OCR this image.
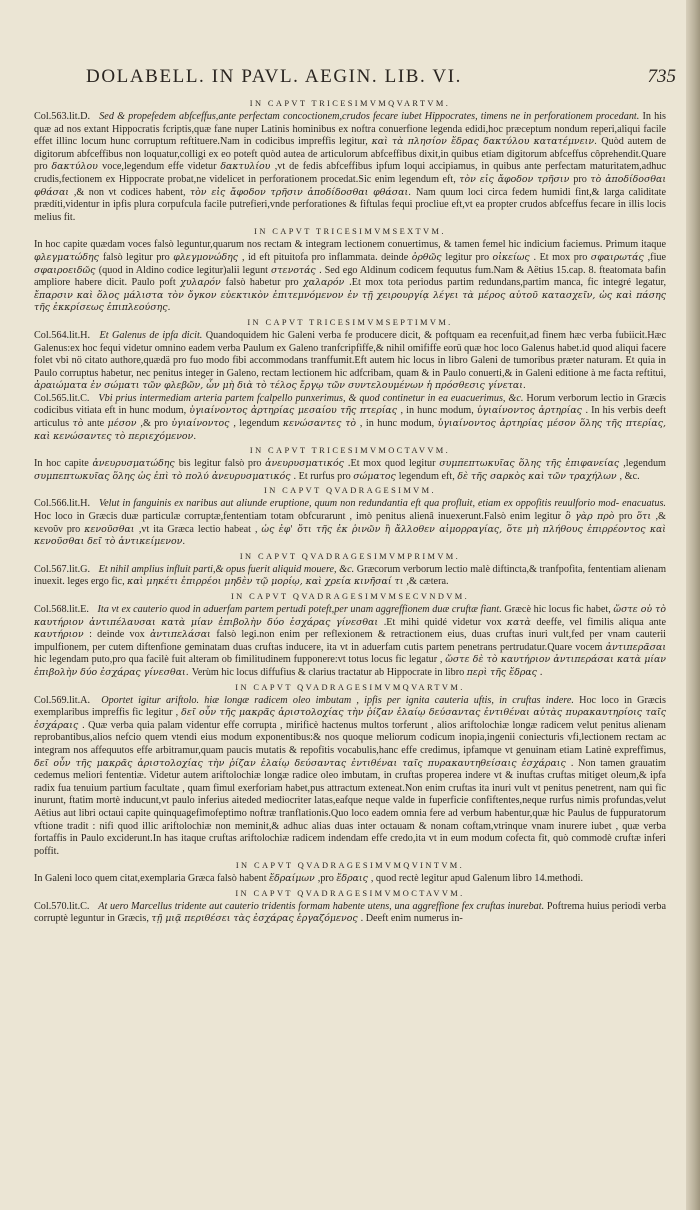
DOLABELL. IN PAVL. AEGIN. LIB. VI.	735
IN CAPVT TRICESIMVMQVARTVM.

Col.563.lit.D. Sed & propefedem abfceffus,ante perfectam concoctionem,crudos fecare iubet Hippocrates, timens ne in perforationem procedant. In his quæ ad nos extant Hippocratis fcriptis,quæ fane nuper Latinis hominibus ex noftra conuerfione legenda edidi,hoc præceptum nondum reperi,aliqui facile effet illinc locum hunc corruptum reftituere.Nam in codicibus impreffis legitur, καὶ τὰ πλησίον ἕδρας δακτύλου κατατέμνειν. Quòd autem de digitorum abfceffibus non loquatur,colligi ex eo poteft quòd autea de articulorum abfceffibus dixit,in quibus etiam digitorum abfceffus côprehendit.Quare pro δακτύλου voce,legendum effe videtur δακτυλίου ,vt de fedis abfceffibus ipfum loqui accipiamus, in quibus ante perfectam maturitatem,adhuc crudis,fectionem ex Hippocrate probat,ne videlicet in perforationem procedat.Sic enim legendum eft, τὸν εἰς ἄφοδον τρῆσιν pro τὸ ἀποδίδοσθαι φθάσαι ,& non vt codices habent, τὸν εἰς ἄφοδον τρῆσιν ἀποδίδοσθαι φθάσαι. Nam quum loci circa fedem humidi fint,& larga caliditate prædíti,videntur in ipfis plura corpufcula facile putrefieri,vnde perforationes & fiftulas fequi procliue eft,vt ea propter crudos abfceffus fecare in illis locis melius fit.

IN CAPVT TRICESIMVMSEXTVM.

In hoc capite quædam voces falsò leguntur,quarum nos rectam & integram lectionem conuertimus, & tamen femel hic indicium faciemus. Primum itaque φλεγματώδης falsò legitur pro φλεγμονώδης , id eft pituitofa pro inflammata. deinde ὀρθῶς legitur pro οἰκείως . Et mox pro σφαιρωτάς ,fiue σφαιροειδῶς (quod in Aldino codice legitur)alii legunt στενοτάς . Sed ego Aldinum codicem fequutus fum.Nam & Aëtius 15.cap. 8. fteatomata bafin ampliore habere dicit. Paulo poft χυλαρόν falsò habetur pro χαλαρόν .Et mox tota periodus partim redundans,partim manca, fic integré legatur, ἔπαρσιν καὶ ὅλος μάλιστα τὸν ὄγκον εὐεκτικὸν ἐπιτεμνόμενον ἐν τῇ χειρουργίᾳ λέγει τὰ μέρος αὐτοῦ κατασχεῖν, ὡς καὶ πάσης τῆς ἐκκρίσεως ἐπιπλεούσης.

IN CAPVT TRICESIMVMSEPTIMVM.

Col.564.lit.H. Et Galenus de ipfa dicit. Quandoquidem hic Galeni verba fe producere dicit, & poftquam ea recenfuit,ad finem hæc verba fubiicit.Hæc Galenus:ex hoc fequi videtur omnino eadem verba Paulum ex Galeno tranfcripfiffe,& nihil omififfe eorü quæ hoc loco Galenus habet.id quod aliqui facere folet vbi nö citato authore,quædä pro fuo modo fibi accommodans tranffumit.Eft autem hic locus in libro Galeni de tumoribus præter naturam. Et quia in Paulo corruptus habetur, nec penitus integer in Galeno, rectam lectionem hic adfcribam, quam & in Paulo conuerti,& in Galeni editione à me facta reftitui, ἀραιώματα ἐν σώματι τῶν φλεβῶν, ὧν μὴ διὰ τὸ τέλος ἔργῳ τῶν συντελουμένων ἡ πρόσθεσις γίνεται.

Col.565.lit.C. Vbi prius intermediam arteria partem fcalpello punxerimus, & quod continetur in ea euacuerimus, &c. Horum verborum lectio in Græcis codicibus vitiata eft in hunc modum, ὑγιαίνοντος ἀρτηρίας μεσαίου τῆς πτερίας , in hunc modum, ὑγιαίνοντος ἀρτηρίας . In his verbis deeft articulus τὸ ante μέσον ,& pro ὑγιαίνοντος , legendum κενώσαντες τὸ , in hunc modum, ὑγιαίνοντος ἀρτηρίας μέσον ὅλης τῆς πτερίας, καὶ κενώσαντες τὸ περιεχόμενον.

IN CAPVT TRICESIMVMOCTAVVM.

In hoc capite ἀνευρυσματώδης bis legitur falsò pro ἀνευρυσματικός .Et mox quod legitur συμπεπτωκυῖας ὅλης τῆς ἐπιφανείας ,legendum συμπεπτωκυῖας ὅλης ὡς ἐπὶ τὸ πολύ ἀνευρυσματικός . Et rurfus pro σώματος legendum eft, δὲ τῆς σαρκὸς καὶ τῶν τραχήλων , &c.

IN CAPVT QVADRAGESIMVM.

Col.566.lit.H. Velut in fanguinis ex naribus aut aliunde eruptione, quum non redundantia eft qua profluit, etiam ex oppofitis reuulforio mod- enacuatus. Hoc loco in Græcis duæ particulæ corruptæ,fententiam totam obfcurarunt , imò penitus alienâ inuexerunt.Falsò enim legitur ὃ γὰρ πρὸ pro ὅτι ,& κενοῦν pro κενοῦσθαι ,vt ita Græca lectio habeat , ὡς ἐφ' ὅτι τῆς ἐκ ῥινῶν ἢ ἄλλοθεν αἱμορραγίας, ὅτε μὴ πλήθους ἐπιρρέοντος καὶ κενοῦσθαι δεῖ τὸ ἀντικείμενον.

IN CAPVT QVADRAGESIMVMPRIMVM.

Col.567.lit.G. Et nihil amplius influit parti,& opus fuerit aliquid mouere, &c. Græcorum verborum lectio malè diftincta,& tranfpofita, fententiam alienam inuexit. leges ergo fic, καὶ μηκέτι ἐπιρρέοι μηδὲν τῷ μορίῳ, καὶ χρεία κινῆσαί τι ,& cætera.

IN CAPVT QVADRAGESIMVMSECVNDVM.

Col.568.lit.E. Ita vt ex cauterio quod in aduerfam partem pertudi poteft,per unam aggreffionem duæ cruftæ fiant. Græcè hic locus fic habet, ὥστε οὐ τὸ καυτήριον ἀντιπέλαυσαι κατὰ μίαν ἐπιβολὴν δύο ἐσχάρας γίνεσθαι .Et mihi quidé videtur vox κατὰ deeffe, vel fimilis aliqua ante καυτήριον : deinde vox ἀντιπελάσαι falsò legi.non enim per reflexionem & retractionem eius, duas cruftas inuri vult,fed per vnam cauterii impulfionem, per cutem diftenfione geminatam duas cruftas inducere, ita vt in aduerfam cutis partem penetrans pertrudatur.Quare vocem ἀντιπερᾶσαι hic legendam puto,pro qua facilè fuit alteram ob fimilitudinem fupponere:vt totus locus fic legatur , ὥστε δὲ τὸ καυτήριον ἀντιπεράσαι κατὰ μίαν ἐπιβολὴν δύο ἐσχάρας γίνεσθαι. Verùm hic locus diffufius & clarius tractatur ab Hippocrate in libro περὶ τῆς ἕδρας .

IN CAPVT QVADRAGESIMVMQVARTVM.

Col.569.lit.A. Oportet igitur ariftolo. hiæ longæ radicem oleo imbutam , ipfis per ignita cauteria uftis, in cruftas indere. Hoc loco in Græcis exemplaribus impreffis fic legitur , δεῖ οὖν τῆς μακρᾶς ἀριστολοχίας τὴν ῥίζαν ἐλαίῳ δεύσαντας ἐντιθέναι αὐτὰς πυρακαυτηρίοις ταῖς ἐσχάραις . Quæ verba quia palam videntur effe corrupta , mirificè hactenus multos torferunt , alios ariftolochiæ longæ radicem velut penitus alienam reprobantibus,alios nefcio quem vtendi eius modum exponentibus:& nos quoque meliorum codicum inopia,ingenii coniecturis vfi,lectionem rectam ac integram nos affequutos effe arbitramur,quam paucis mutatis & repofitis vocabulis,hanc effe credimus, ipfamque vt genuinam etiam Latinè expreffimus, δεῖ οὖν τῆς μακρᾶς ἀριστολοχίας τὴν ῥίζαν ἐλαίῳ δεύσαντας ἐντιθέναι ταῖς πυρακαυτηθείσαις ἐσχάραις . Non tamen grauatim cedemus meliori fententiæ. Videtur autem ariftolochiæ longæ radice oleo imbutam, in cruftas properea indere vt & inuftas cruftas mitiget oleum,& ipfa radix fua tenuium partium facultate , quam fimul exerforiam habet,pus attractum exteneat.Non enim cruftas ita inuri vult vt penitus penetrent, nam qui fic inurunt, ftatim mortè inducunt,vt paulo inferius aiteded mediocriter latas,eafque neque valde in fuperficie confiftentes,neque rurfus nimis profundas,velut Aëtius aut libri octaui capite quinquagefimofeptimo noftræ tranflationis.Quo loco eadem omnia fere ad verbum habentur,quæ hic Paulus de fuppuratorum vftione tradit : nifi quod illic ariftolochiæ non meminit,& adhuc alias duas inter octauam & nonam coftam,vtrinque vnam inurere iubet , quæ verba fortaffis in Paulo exciderunt.In has itaque cruftas ariftolochiæ radicem indendam effe credo,ita vt in eum modum cofecta fit, quò commodè cruftæ inferi poffit.

IN CAPVT QVADRAGESIMVMQVINTVM.

In Galeni loco quem citat,exemplaria Græca falsò habent ἕδραίμων ,pro ἕδραις , quod rectè legitur apud Galenum libro 14.methodi.

IN CAPVT QVADRAGESIMVMOCTAVVM.

Col.570.lit.C. At uero Marcellus tridente aut cauterio tridentis formam habente utens, una aggreffione fex cruftas inurebat. Poftrema huius periodi verba corruptè leguntur in Græcis, τῇ μιᾷ περιθέσει τὰς ἐσχάρας ἐργαζόμενος . Deeft enim numerus in-
